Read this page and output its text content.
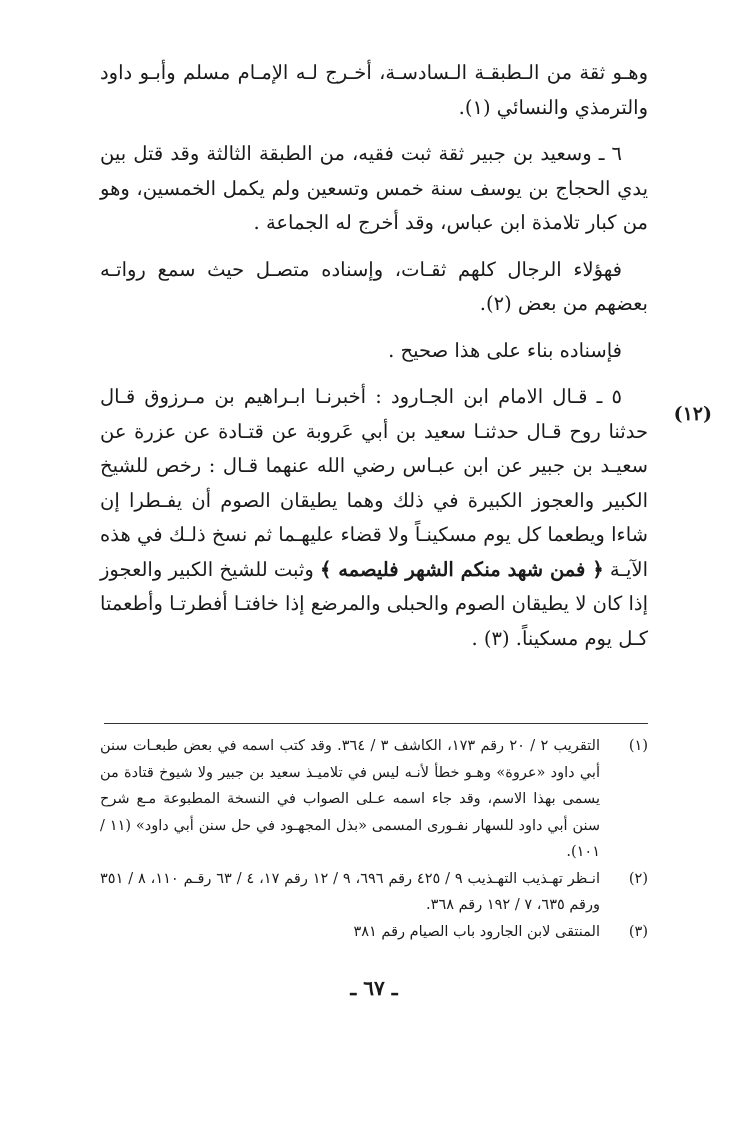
وهـو ثقة من الـطبقـة الـسادسـة، أخـرج لـه الإمـام مسلم وأبـو داود والترمذي والنسائي (١).

٦ ـ وسعيد بن جبير ثقة ثبت فقيه، من الطبقة الثالثة وقد قتل بين يدي الحجاج بن يوسف سنة خمس وتسعين ولم يكمل الخمسين، وهو من كبار تلامذة ابن عباس، وقد أخرج له الجماعة .

فهؤلاء الرجال كلهم ثقـات، وإسناده متصـل حيث سمع رواتـه بعضهم من بعض (٢).

فإسناده بناء على هذا صحيح .

٥ ـ قـال الامام ابن الجـارود : أخبرنـا ابـراهيم بن مـرزوق قـال حدثنا روح قـال حدثنـا سعيد بن أبي عَروبة عن قتـادة عن عزرة عن سعيـد بن جبير عن ابن عبـاس رضي الله عنهما قـال : رخص للشيخ الكبير والعجوز الكبيرة في ذلك وهما يطيقان الصوم أن يفـطرا إن شاءا ويطعما كل يوم مسكينـاً ولا قضاء عليهـما ثم نسخ ذلـك في هذه الآيـة ﴿ فمن شهد منكم الشهر فليصمه ﴾ وثبت للشيخ الكبير والعجوز إذا كان لا يطيقان الصوم والحبلى والمرضع إذا خافتـا أفطرتـا وأطعمتا كـل يوم مسكيناً. (٣) .

(١٢)
(١)
التقريب ٢ / ٢٠ رقم ١٧٣، الكاشف ٣ / ٣٦٤. وقد كتب اسمه في بعض طبعـات سنن أبي داود «عروة» وهـو خطأ لأنـه ليس في تلاميـذ سعيد بن جبير ولا شيوخ قتادة من يسمى بهذا الاسم، وقد جاء اسمه عـلى الصواب في النسخة المطبوعة مـع شرح سنن أبي داود للسهار نفـورى المسمى «بذل المجهـود في حل سنن أبي داود» (١١ / ١٠١).
(٢)
انـظر تهـذيب التهـذيب ٩ / ٤٢٥ رقم ٦٩٦، ٩ / ١٢ رقم ١٧، ٤ / ٦٣ رقـم ١١٠، ٨ / ٣٥١ ورقم ٦٣٥، ٧ / ١٩٢ رقم ٣٦٨.
(٣)
المنتقى لابن الجارود باب الصيام رقم ٣٨١
ـ ٦٧ ـ
